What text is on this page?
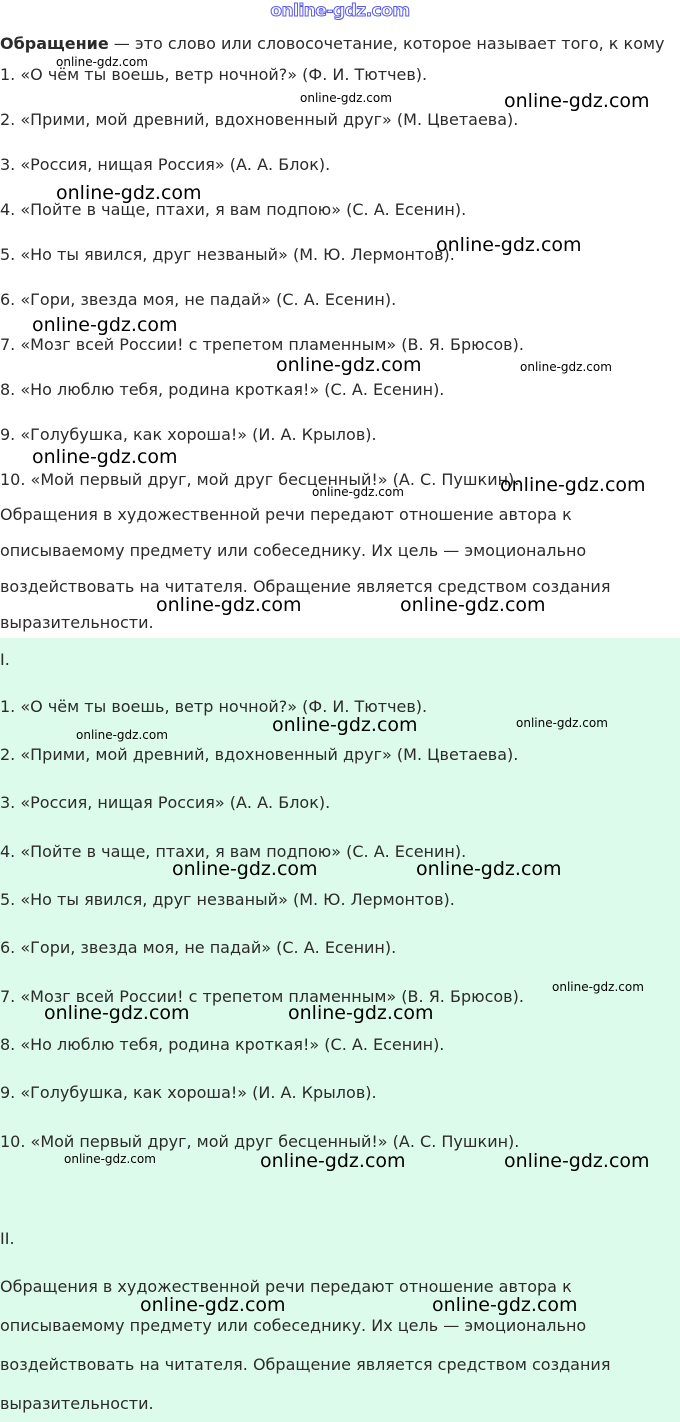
online-gdz.com
Обращение — это слово или словосочетание, которое называет того, к кому
1. «О чём ты воешь, ветр ночной?» (Ф. И. Тютчев).
2. «Прими, мой древний, вдохновенный друг» (М. Цветаева).
3. «Россия, нищая Россия» (А. А. Блок).
4. «Пойте в чаще, птахи, я вам подпою» (С. А. Есенин).
5. «Но ты явился, друг незваный» (М. Ю. Лермонтов).
6. «Гори, звезда моя, не падай» (С. А. Есенин).
7. «Мозг всей России! с трепетом пламенным» (В. Я. Брюсов).
8. «Но люблю тебя, родина кроткая!» (С. А. Есенин).
9. «Голубушка, как хороша!» (И. А. Крылов).
10. «Мой первый друг, мой друг бесценный!» (А. С. Пушкин).
Обращения в художественной речи передают отношение автора к
описываемому предмету или собеседнику. Их цель — эмоционально
воздействовать на читателя. Обращение является средством создания
выразительности.
I.
1. «О чём ты воешь, ветр ночной?» (Ф. И. Тютчев).
2. «Прими, мой древний, вдохновенный друг» (М. Цветаева).
3. «Россия, нищая Россия» (А. А. Блок).
4. «Пойте в чаще, птахи, я вам подпою» (С. А. Есенин).
5. «Но ты явился, друг незваный» (М. Ю. Лермонтов).
6. «Гори, звезда моя, не падай» (С. А. Есенин).
7. «Мозг всей России! с трепетом пламенным» (В. Я. Брюсов).
8. «Но люблю тебя, родина кроткая!» (С. А. Есенин).
9. «Голубушка, как хороша!» (И. А. Крылов).
10. «Мой первый друг, мой друг бесценный!» (А. С. Пушкин).
II.
Обращения в художественной речи передают отношение автора к
описываемому предмету или собеседнику. Их цель — эмоционально
воздействовать на читателя. Обращение является средством создания
выразительности.
online-gdz.com
online-gdz.com	online-gdz.com
online-gdz.com
online-gdz.com
online-gdz.com
online-gdz.com	online-gdz.com
online-gdz.com
online-gdz.com	online-gdz.com
online-gdz.com	online-gdz.com
online-gdz.com	online-gdz.com
online-gdz.com
online-gdz.com	online-gdz.com
online-gdz.com
online-gdz.com	online-gdz.com
online-gdz.com	online-gdz.com	online-gdz.com
online-gdz.com	online-gdz.com
